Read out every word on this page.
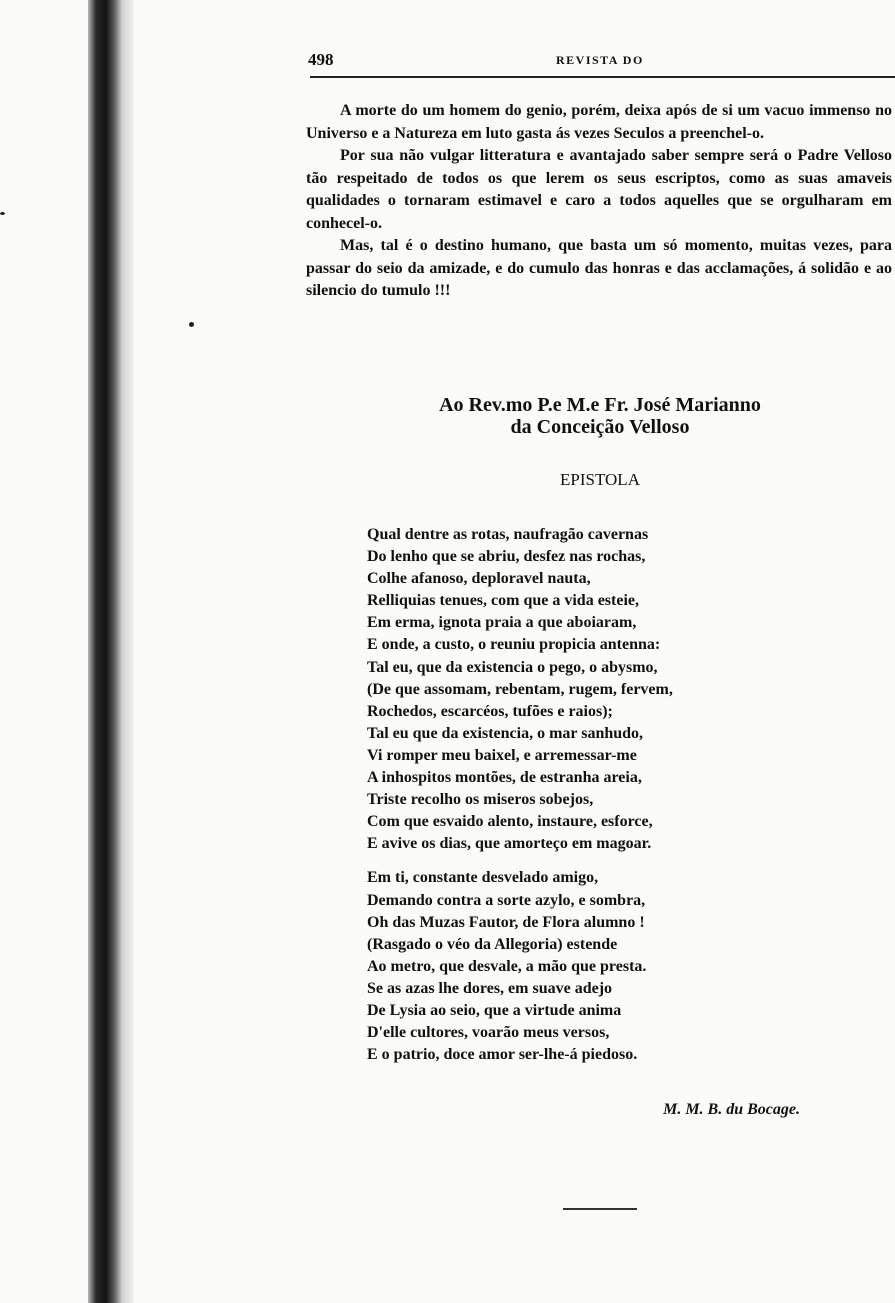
498	REVISTA DO

A morte do um homem do genio, porém, deixa após de si um vacuo immenso no Universo e a Natureza em luto gasta ás vezes Seculos a preenchel-o.

Por sua não vulgar litteratura e avantajado saber sempre será o Padre Velloso tão respeitado de todos os que lerem os seus escriptos, como as suas amaveis qualidades o tornaram estimavel e caro a todos aquelles que se orgulharam em conhecel-o.

Mas, tal é o destino humano, que basta um só momento, muitas vezes, para passar do seio da amizade, e do cumulo das honras e das acclamações, á solidão e ao silencio do tumulo !!!

Ao Rev.mo P.e M.e Fr. José Marianno
da Conceição Velloso
EPISTOLA
Qual dentre as rotas, naufragão cavernas
Do lenho que se abriu, desfez nas rochas,
Colhe afanoso, deploravel nauta,
Relliquias tenues, com que a vida esteie,
Em erma, ignota praia a que aboiaram,
E onde, a custo, o reuniu propicia antenna:
Tal eu, que da existencia o pego, o abysmo,
(De que assomam, rebentam, rugem, fervem,
Rochedos, escarcéos, tufões e raios);
Tal eu que da existencia, o mar sanhudo,
Vi romper meu baixel, e arremessar-me
A inhospitos montões, de estranha areia,
Triste recolho os miseros sobejos,
Com que esvaido alento, instaure, esforce,
E avive os dias, que amorteço em magoar.
Em ti, constante desvelado amigo,
Demando contra a sorte azylo, e sombra,
Oh das Muzas Fautor, de Flora alumno !
(Rasgado o véo da Allegoria) estende
Ao metro, que desvale, a mão que presta.
Se as azas lhe dores, em suave adejo
De Lysia ao seio, que a virtude anima
D'elle cultores, voarão meus versos,
E o patrio, doce amor ser-lhe-á piedoso.
M. M. B. du Bocage.
